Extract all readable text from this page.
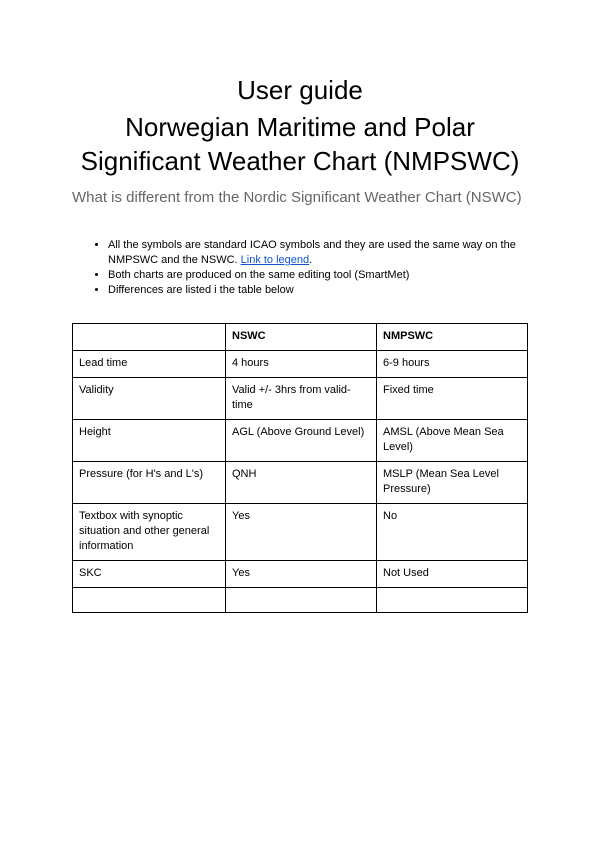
User guide
Norwegian Maritime and Polar
Significant Weather Chart (NMPSWC)
What is different from the Nordic Significant Weather Chart (NSWC)
• All the symbols are standard ICAO symbols and they are used the same way on the NMPSWC and the NSWC. Link to legend.
• Both charts are produced on the same editing tool (SmartMet)
• Differences are listed i the table below
	NSWC	NMPSWC
Lead time	4 hours	6-9 hours
Validity	Valid +/- 3hrs from valid-time	Fixed time
Height	AGL (Above Ground Level)	AMSL (Above Mean Sea Level)
Pressure (for H's and L's)	QNH	MSLP (Mean Sea Level Pressure)
Textbox with synoptic situation and other general information	Yes	No
SKC	Yes	Not Used
